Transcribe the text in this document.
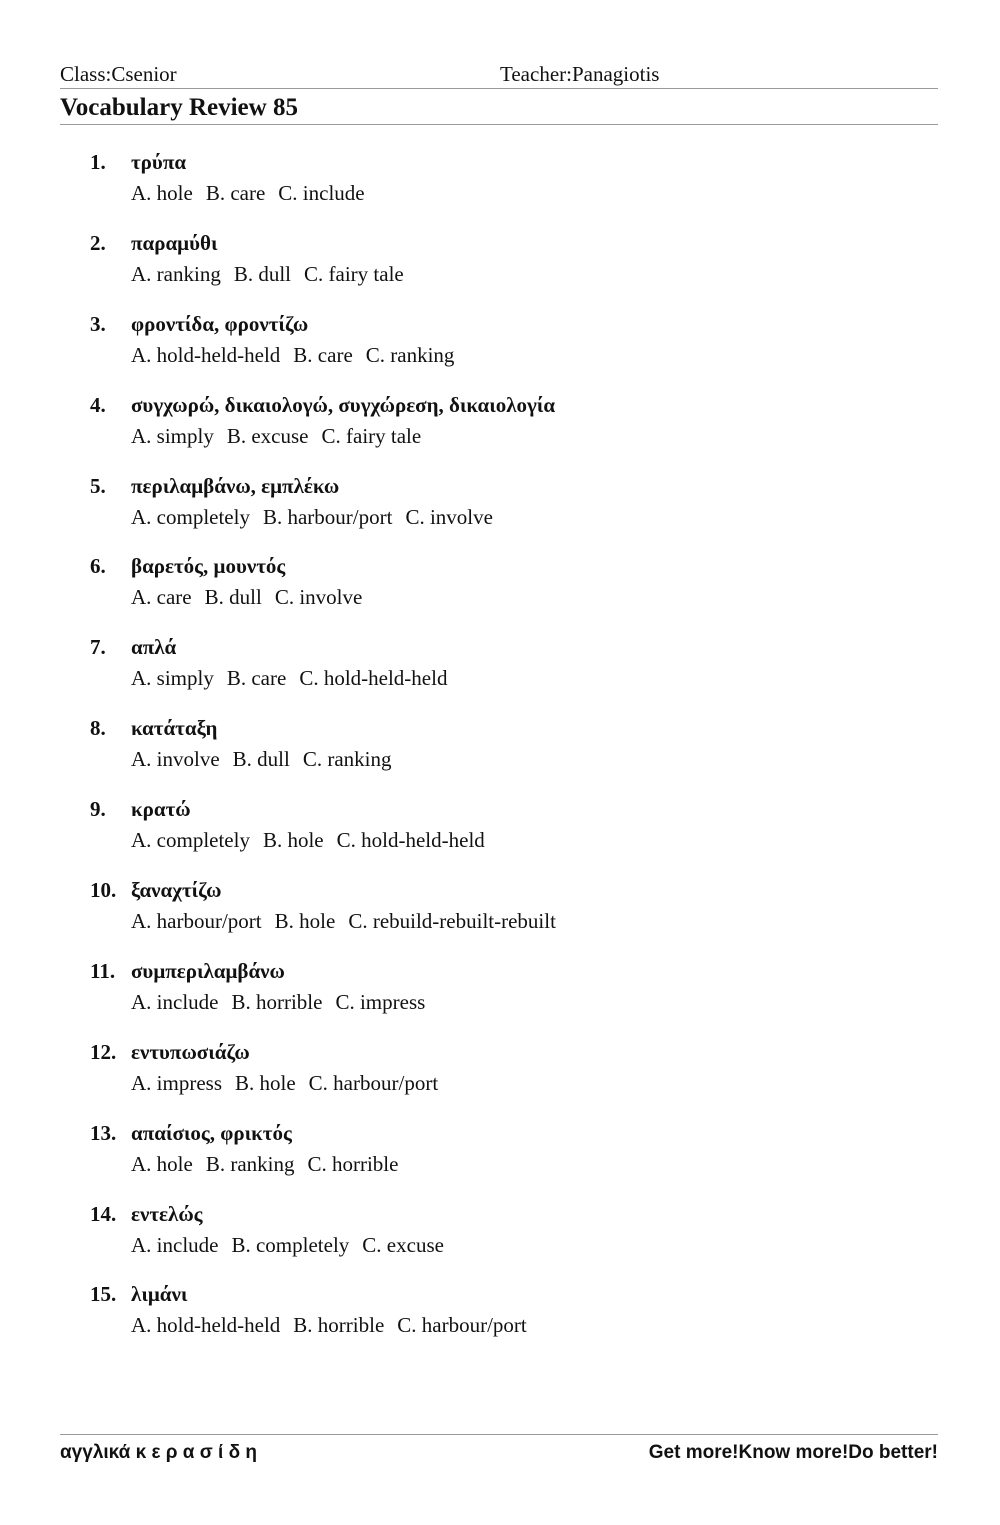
Class:Csenior	Teacher:Panagiotis
Vocabulary Review 85
1. τρύπα
A. hole B. care C. include
2. παραμύθι
A. ranking B. dull C. fairy tale
3. φροντίδα, φροντίζω
A. hold-held-held B. care C. ranking
4. συγχωρώ, δικαιολογώ, συγχώρεση, δικαιολογία
A. simply B. excuse C. fairy tale
5. περιλαμβάνω, εμπλέκω
A. completely B. harbour/port C. involve
6. βαρετός, μουντός
A. care B. dull C. involve
7. απλά
A. simply B. care C. hold-held-held
8. κατάταξη
A. involve B. dull C. ranking
9. κρατώ
A. completely B. hole C. hold-held-held
10. ξαναχτίζω
A. harbour/port B. hole C. rebuild-rebuilt-rebuilt
11. συμπεριλαμβάνω
A. include B. horrible C. impress
12. εντυπωσιάζω
A. impress B. hole C. harbour/port
13. απαίσιος, φρικτός
A. hole B. ranking C. horrible
14. εντελώς
A. include B. completely C. excuse
15. λιμάνι
A. hold-held-held B. horrible C. harbour/port
αγγλικά κ ε ρ α σ ί δ η	Get more!Know more!Do better!
